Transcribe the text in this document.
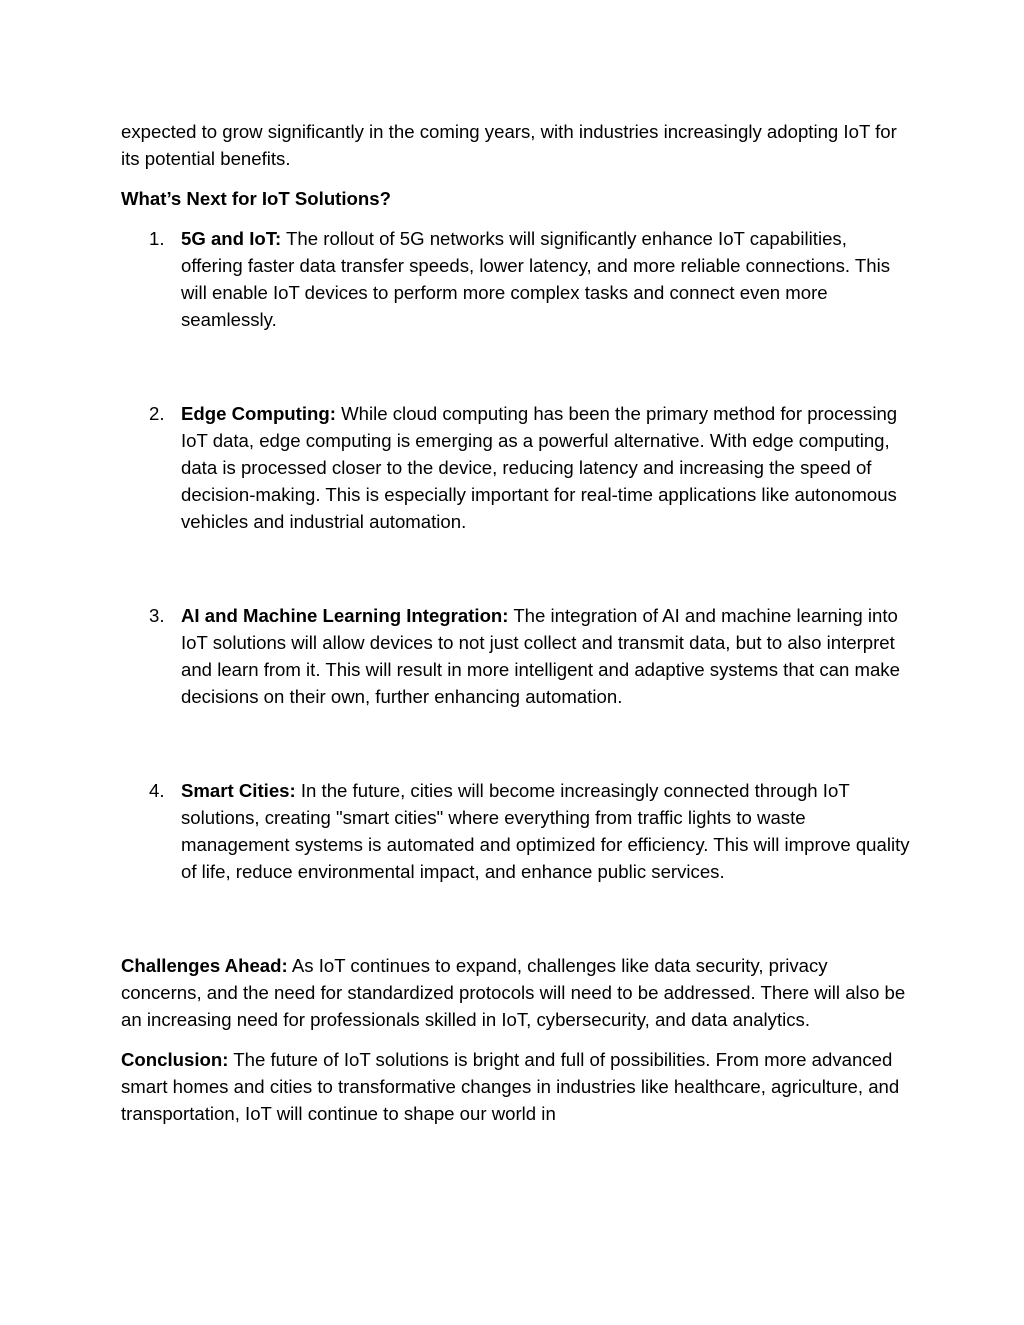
expected to grow significantly in the coming years, with industries increasingly adopting IoT for its potential benefits.

What’s Next for IoT Solutions?

1. 5G and IoT: The rollout of 5G networks will significantly enhance IoT capabilities, offering faster data transfer speeds, lower latency, and more reliable connections. This will enable IoT devices to perform more complex tasks and connect even more seamlessly.
2. Edge Computing: While cloud computing has been the primary method for processing IoT data, edge computing is emerging as a powerful alternative. With edge computing, data is processed closer to the device, reducing latency and increasing the speed of decision-making. This is especially important for real-time applications like autonomous vehicles and industrial automation.
3. AI and Machine Learning Integration: The integration of AI and machine learning into IoT solutions will allow devices to not just collect and transmit data, but to also interpret and learn from it. This will result in more intelligent and adaptive systems that can make decisions on their own, further enhancing automation.
4. Smart Cities: In the future, cities will become increasingly connected through IoT solutions, creating "smart cities" where everything from traffic lights to waste management systems is automated and optimized for efficiency. This will improve quality of life, reduce environmental impact, and enhance public services.

Challenges Ahead: As IoT continues to expand, challenges like data security, privacy concerns, and the need for standardized protocols will need to be addressed. There will also be an increasing need for professionals skilled in IoT, cybersecurity, and data analytics.

Conclusion: The future of IoT solutions is bright and full of possibilities. From more advanced smart homes and cities to transformative changes in industries like healthcare, agriculture, and transportation, IoT will continue to shape our world in
